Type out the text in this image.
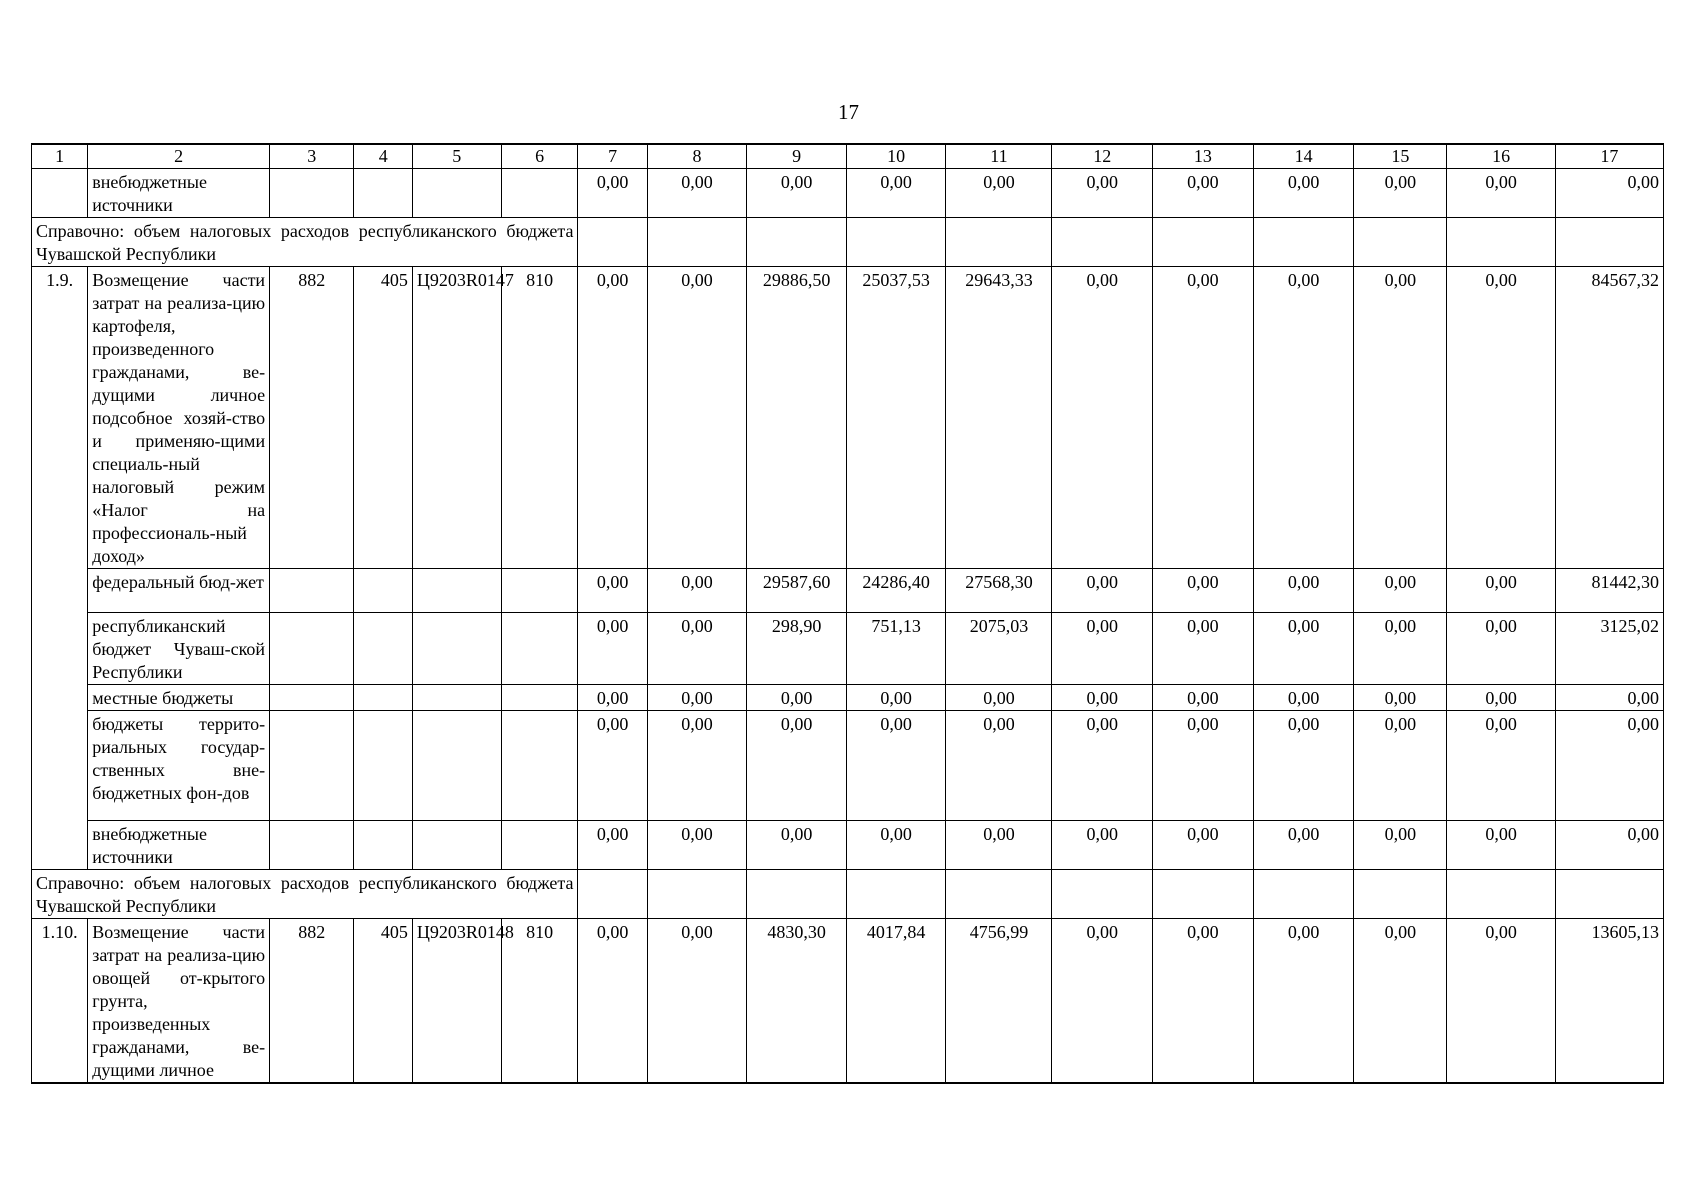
17
1	2	3	4	5	6	7	8	9	10	11	12	13	14	15	16	17
	внебюджетные источники					0,00	0,00	0,00	0,00	0,00	0,00	0,00	0,00	0,00	0,00	0,00
Справочно: объем налоговых расходов республиканского бюджета Чувашской Республики																
1.9.	Возмещение части затрат на реализа-цию картофеля, произведенного гражданами, ве-дущими личное подсобное хозяй-ство и применяю-щими специаль-ный налоговый режим «Налог на профессиональ-ный доход»	882	405	Ц9203R0147	810	0,00	0,00	29886,50	25037,53	29643,33	0,00	0,00	0,00	0,00	0,00	84567,32
	федеральный бюд-жет					0,00	0,00	29587,60	24286,40	27568,30	0,00	0,00	0,00	0,00	0,00	81442,30
	республиканский бюджет Чуваш-ской Республики					0,00	0,00	298,90	751,13	2075,03	0,00	0,00	0,00	0,00	0,00	3125,02
	местные бюджеты					0,00	0,00	0,00	0,00	0,00	0,00	0,00	0,00	0,00	0,00	0,00
	бюджеты террито-риальных государ-ственных вне-бюджетных фон-дов					0,00	0,00	0,00	0,00	0,00	0,00	0,00	0,00	0,00	0,00	0,00
	внебюджетные источники					0,00	0,00	0,00	0,00	0,00	0,00	0,00	0,00	0,00	0,00	0,00
Справочно: объем налоговых расходов республиканского бюджета Чувашской Республики																
1.10.	Возмещение части затрат на реализа-цию овощей от-крытого грунта, произведенных гражданами, ве-дущими личное	882	405	Ц9203R0148	810	0,00	0,00	4830,30	4017,84	4756,99	0,00	0,00	0,00	0,00	0,00	13605,13
